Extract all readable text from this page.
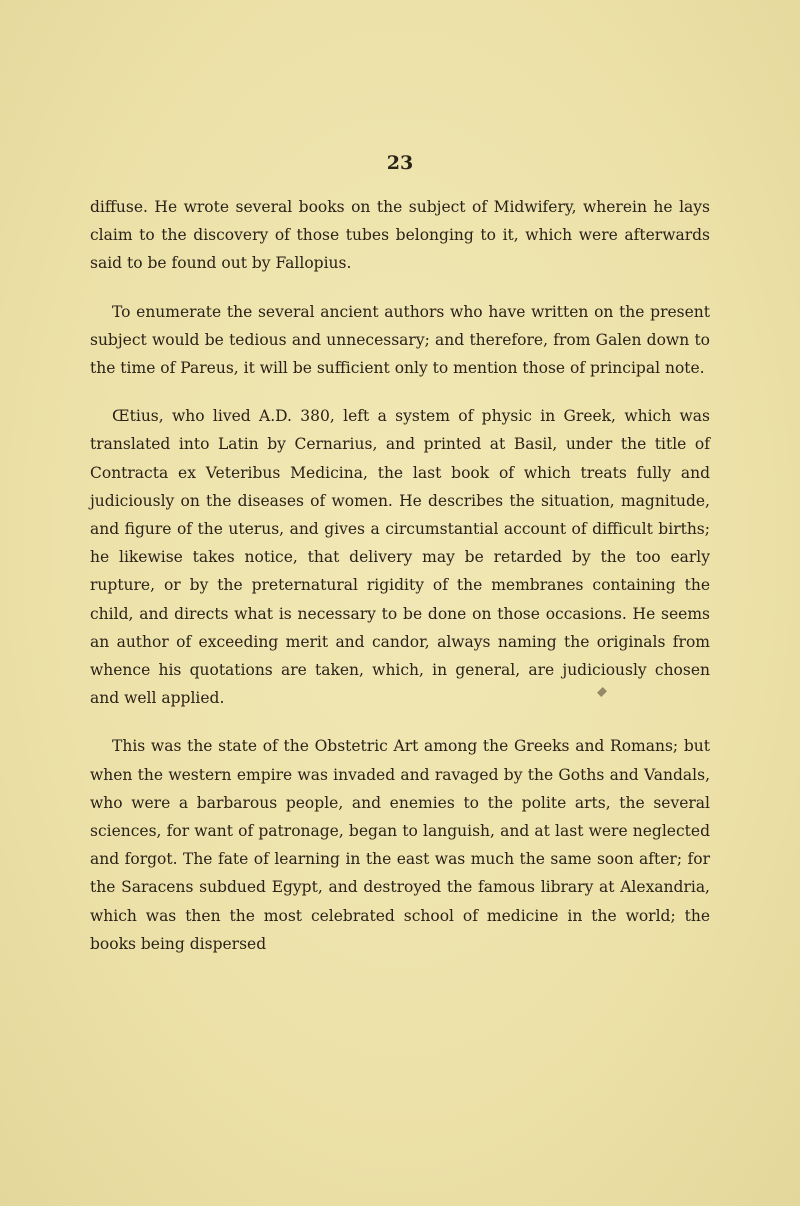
23

diffuse. He wrote several books on the subject of Midwifery, wherein he lays claim to the discovery of those tubes belonging to it, which were afterwards said to be found out by Fallopius.

To enumerate the several ancient authors who have written on the present subject would be tedious and unnecessary; and therefore, from Galen down to the time of Pareus, it will be sufficient only to mention those of principal note.

Œtius, who lived A.D. 380, left a system of physic in Greek, which was translated into Latin by Cernarius, and printed at Basil, under the title of Contracta ex Veteribus Medicina, the last book of which treats fully and judiciously on the diseases of women. He describes the situation, magnitude, and figure of the uterus, and gives a circumstantial account of difficult births; he likewise takes notice, that delivery may be retarded by the too early rupture, or by the preternatural rigidity of the membranes containing the child, and directs what is necessary to be done on those occasions. He seems an author of exceeding merit and candor, always naming the originals from whence his quotations are taken, which, in general, are judiciously chosen and well applied.

This was the state of the Obstetric Art among the Greeks and Romans; but when the western empire was invaded and ravaged by the Goths and Vandals, who were a barbarous people, and enemies to the polite arts, the several sciences, for want of patronage, began to languish, and at last were neglected and forgot. The fate of learning in the east was much the same soon after; for the Saracens subdued Egypt, and destroyed the famous library at Alexandria, which was then the most celebrated school of medicine in the world; the books being dispersed
